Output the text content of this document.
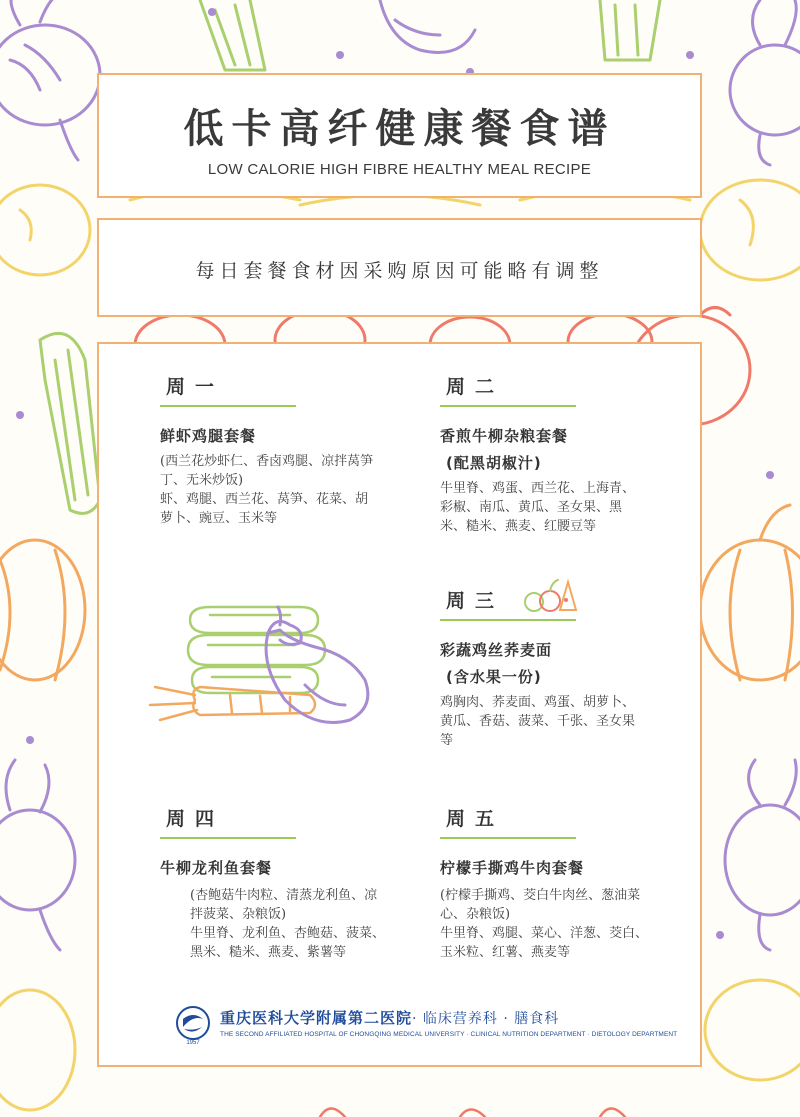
低卡高纤健康餐食谱
LOW CALORIE HIGH FIBRE HEALTHY MEAL RECIPE
每日套餐食材因采购原因可能略有调整
周一
鲜虾鸡腿套餐
(西兰花炒虾仁、香卤鸡腿、凉拌莴笋丁、无米炒饭)
虾、鸡腿、西兰花、莴笋、花菜、胡萝卜、豌豆、玉米等
周二
香煎牛柳杂粮套餐
(配黑胡椒汁)
牛里脊、鸡蛋、西兰花、上海青、彩椒、南瓜、黄瓜、圣女果、黑米、糙米、燕麦、红腰豆等
周三
彩蔬鸡丝荞麦面
(含水果一份)
鸡胸肉、荞麦面、鸡蛋、胡萝卜、黄瓜、香菇、菠菜、千张、圣女果等
周四
牛柳龙利鱼套餐
(杏鲍菇牛肉粒、清蒸龙利鱼、凉拌菠菜、杂粮饭)
牛里脊、龙利鱼、杏鲍菇、菠菜、黑米、糙米、燕麦、紫薯等
周五
柠檬手撕鸡牛肉套餐
(柠檬手撕鸡、茭白牛肉丝、葱油菜心、杂粮饭)
牛里脊、鸡腿、菜心、洋葱、茭白、玉米粒、红薯、燕麦等
1957
重庆医科大学附属第二医院· 临床营养科 · 膳食科
THE SECOND AFFILIATED HOSPITAL OF CHONGQING MEDICAL UNIVERSITY · CLINICAL NUTRITION DEPARTMENT · DIETOLOGY DEPARTMENT
